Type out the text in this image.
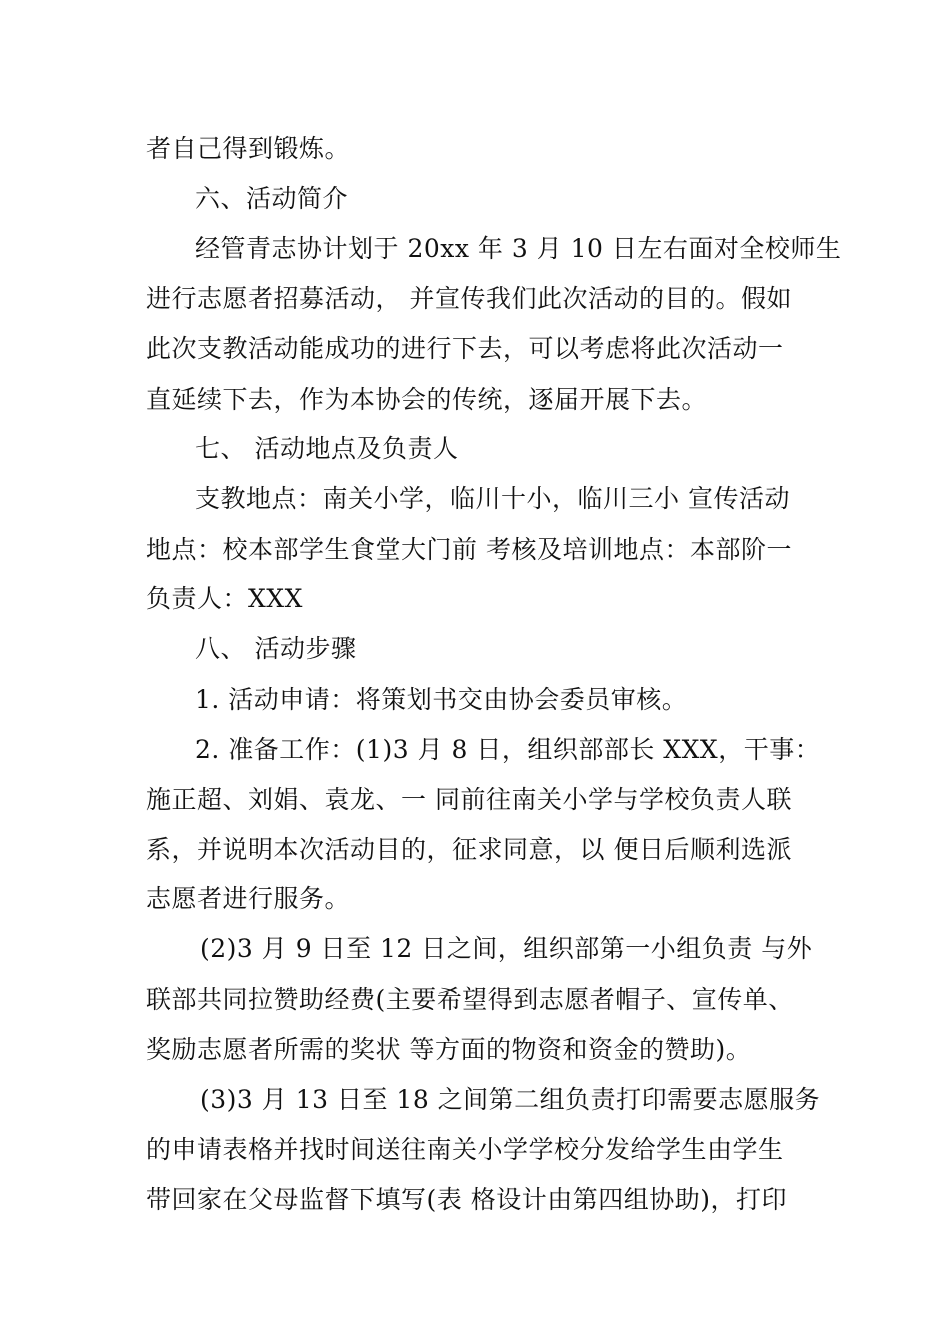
者自己得到锻炼。

六、活动简介

经管青志协计划于 20xx 年 3 月 10 日左右面对全校师生

进行志愿者招募活动， 并宣传我们此次活动的目的。假如

此次支教活动能成功的进行下去，可以考虑将此次活动一

直延续下去，作为本协会的传统，逐届开展下去。

七、 活动地点及负责人

支教地点：南关小学，临川十小，临川三小 宣传活动

地点：校本部学生食堂大门前 考核及培训地点：本部阶一

负责人：XXX

八、 活动步骤

1. 活动申请：将策划书交由协会委员审核。

2. 准备工作：(1)3 月 8 日，组织部部长 XXX，干事：

施正超、刘娟、袁龙、一 同前往南关小学与学校负责人联

系，并说明本次活动目的，征求同意，以 便日后顺利选派

志愿者进行服务。

(2)3 月 9 日至 12 日之间，组织部第一小组负责 与外

联部共同拉赞助经费(主要希望得到志愿者帽子、宣传单、

奖励志愿者所需的奖状 等方面的物资和资金的赞助)。

(3)3 月 13 日至 18 之间第二组负责打印需要志愿服务

的申请表格并找时间送往南关小学学校分发给学生由学生

带回家在父母监督下填写(表 格设计由第四组协助)，打印
